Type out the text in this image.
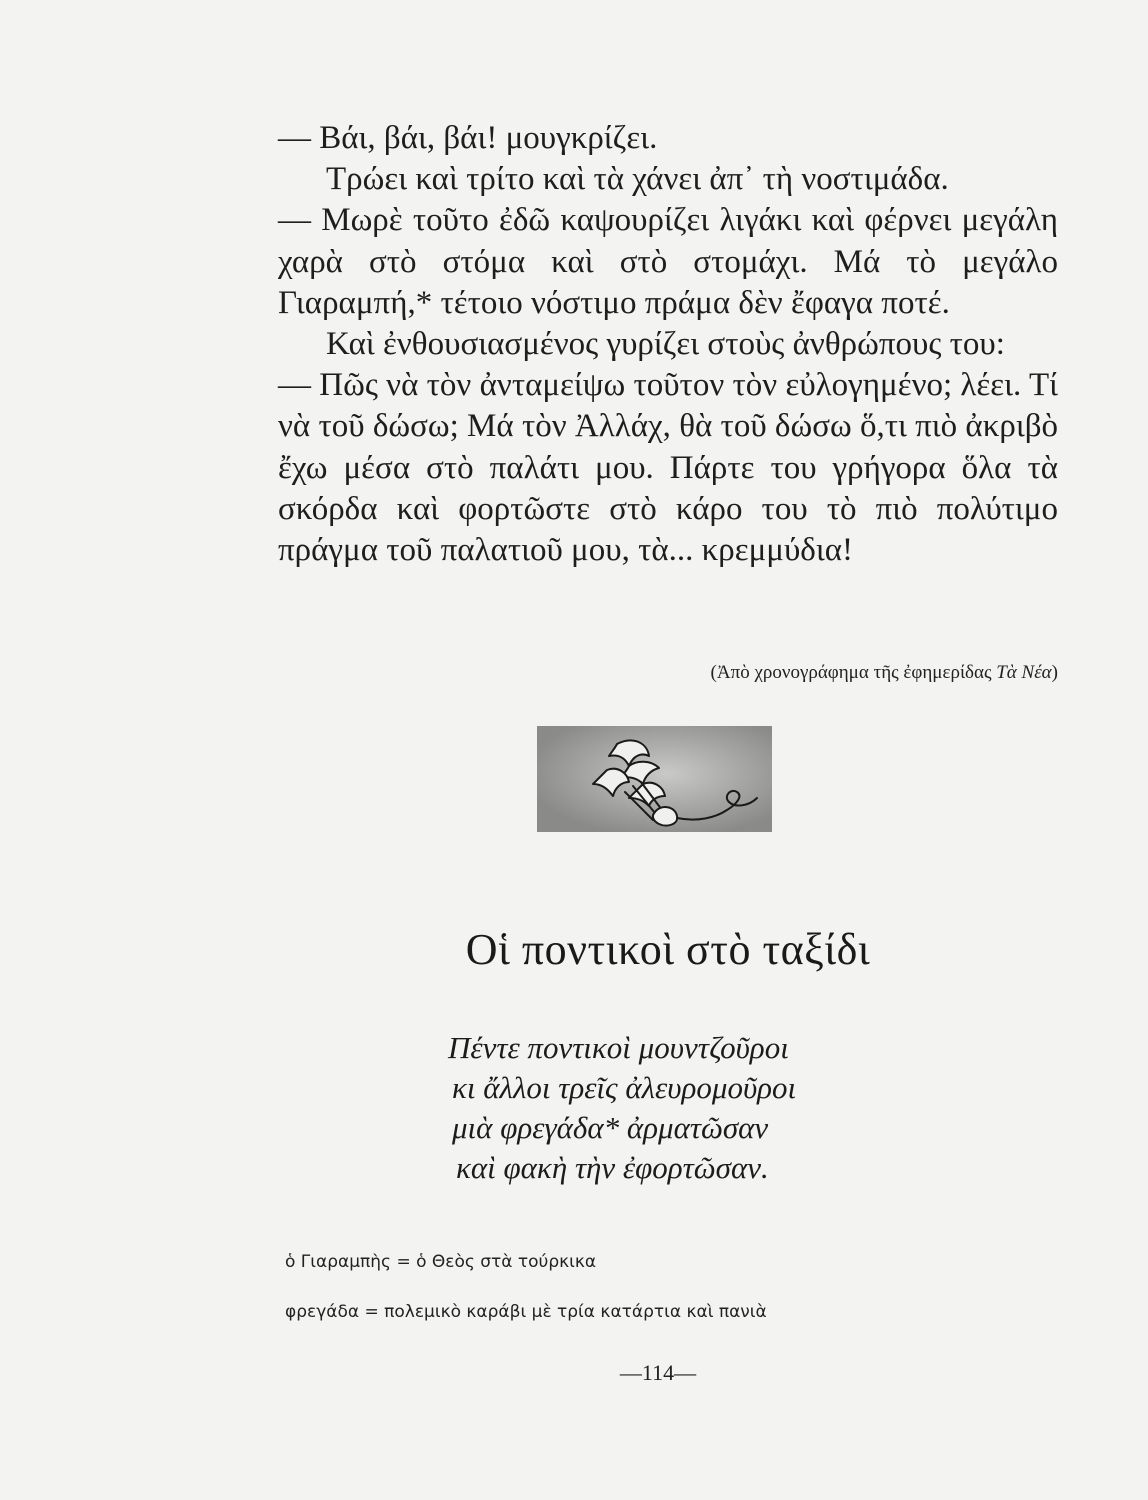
— Βάι, βάι, βάι! μουγκρίζει.

Τρώει καὶ τρίτο καὶ τὰ χάνει ἀπ᾽ τὴ νοστιμάδα.

— Μωρὲ τοῦτο ἐδῶ καψουρίζει λιγάκι καὶ φέρνει μεγάλη χαρὰ στὸ στόμα καὶ στὸ στομάχι. Μά τὸ μεγάλο Γιαραμπή,* τέτοιο νόστιμο πράμα δὲν ἔφαγα ποτέ.

Καὶ ἐνθουσιασμένος γυρίζει στοὺς ἀνθρώπους του:

— Πῶς νὰ τὸν ἀνταμείψω τοῦτον τὸν εὐλογημένο; λέει. Τί νὰ τοῦ δώσω; Μά τὸν Ἀλλάχ, θὰ τοῦ δώσω ὅ,τι πιὸ ἀκριβὸ ἔχω μέσα στὸ παλάτι μου. Πάρτε του γρήγορα ὅλα τὰ σκόρδα καὶ φορτῶστε στὸ κάρο του τὸ πιὸ πολύτιμο πράγμα τοῦ παλατιοῦ μου, τὰ... κρεμμύδια!

(Ἀπὸ χρονογράφημα τῆς ἐφημερίδας Τὰ Νέα)
Οἱ ποντικοὶ στὸ ταξίδι
Πέντε ποντικοὶ μουντζοῦροι
κι ἄλλοι τρεῖς ἀλευρομοῦροι
μιὰ φρεγάδα* ἀρματῶσαν
καὶ φακὴ τὴν ἐφορτῶσαν.
ὁ Γιαραμπὴς = ὁ Θεὸς στὰ τούρκικα
φρεγάδα = πολεμικὸ καράβι μὲ τρία κατάρτια καὶ πανιὰ
—114—
